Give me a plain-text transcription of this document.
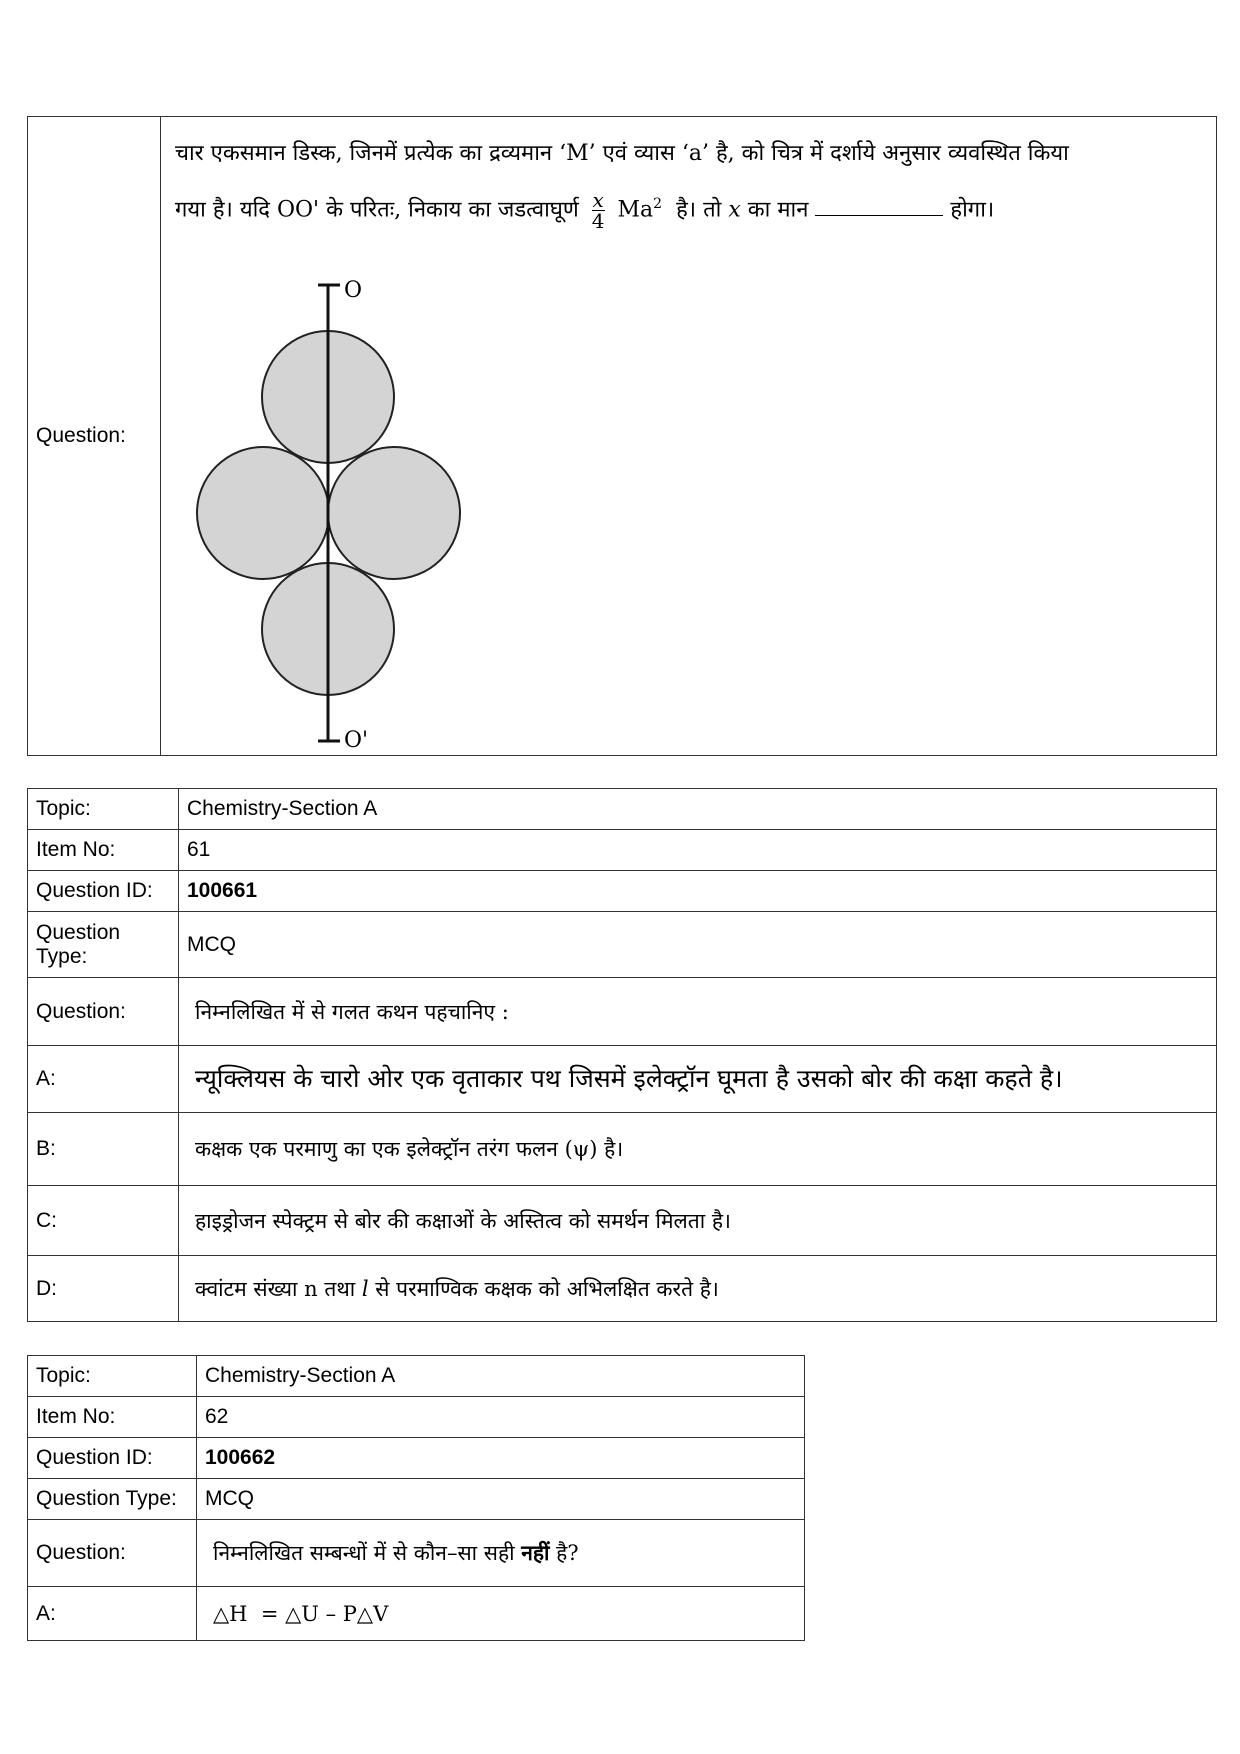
Question:	
चार एकसमान डिस्क, जिनमें प्रत्येक का द्रव्यमान ‘M’ एवं व्यास ‘a’ है, को चित्र में दर्शाये अनुसार व्यवस्थित किया
गया है। यदि OO' के परितः, निकाय का जडत्वाघूर्ण $\frac{x}{4} Ma^2$ है। तो x का मान	होगा।
O
O'
Topic:	Chemistry-Section A
Item No:	61
Question ID:	100661
Question Type:	MCQ
Question:	निम्नलिखित में से गलत कथन पहचानिए :
A:	न्यूक्लियस के चारो ओर एक वृताकार पथ जिसमें इलेक्ट्रॉन घूमता है उसको बोर की कक्षा कहते है।
B:	कक्षक एक परमाणु का एक इलेक्ट्रॉन तरंग फलन (ψ) है।
C:	हाइड्रोजन स्पेक्ट्रम से बोर की कक्षाओं के अस्तित्व को समर्थन मिलता है।
D:	क्वांटम संख्या n तथा l से परमाण्विक कक्षक को अभिलक्षित करते है।
Topic:	Chemistry-Section A
Item No:	62
Question ID:	100662
Question Type:	MCQ
Question:	निम्नलिखित सम्बन्धों में से कौन–सा सही नहीं है?
A:	△H  = △U – P△V
